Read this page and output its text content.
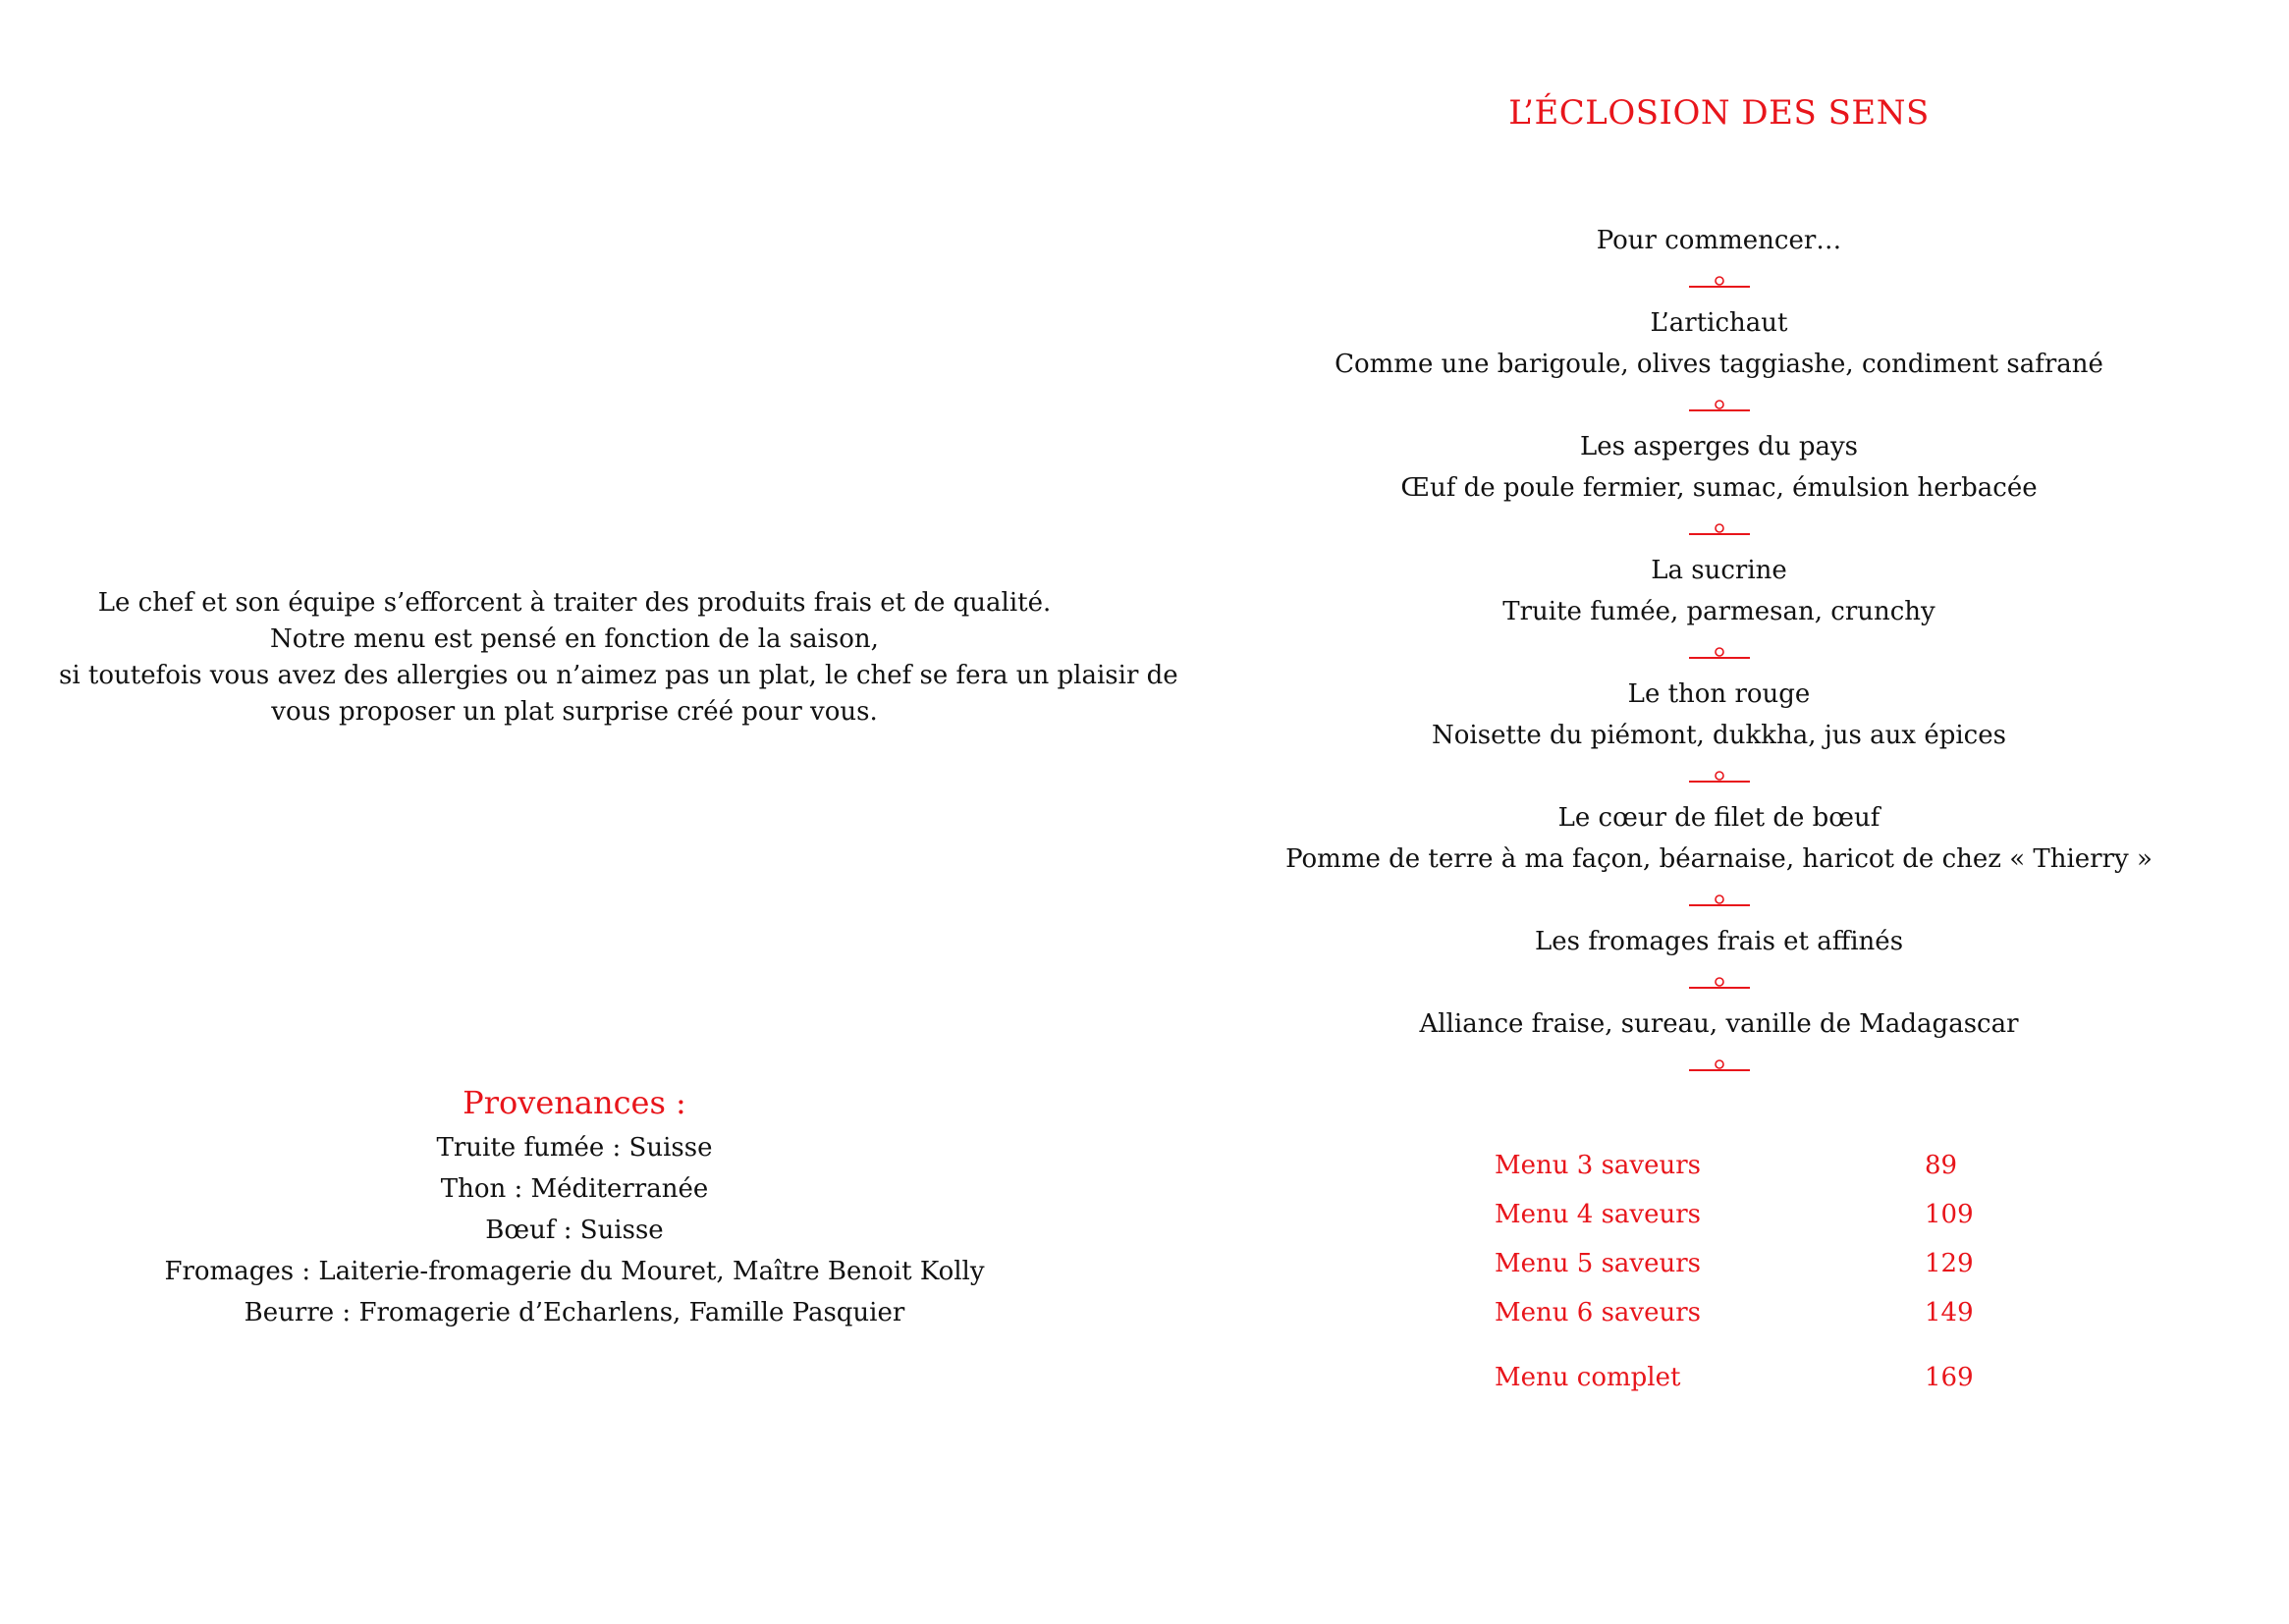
Le chef et son équipe s’efforcent à traiter des produits frais et de qualité.
Notre menu est pensé en fonction de la saison,
si toutefois vous avez des allergies ou n’aimez pas un plat, le chef se fera un plaisir de
vous proposer un plat surprise créé pour vous.
Provenances :
Truite fumée : Suisse
Thon : Méditerranée
Bœuf : Suisse
Fromages : Laiterie-fromagerie du Mouret, Maître Benoit Kolly
Beurre : Fromagerie d’Echarlens, Famille Pasquier
L’ÉCLOSION DES SENS
Pour commencer…
L’artichaut
Comme une barigoule, olives taggiashe, condiment safrané
Les asperges du pays
Œuf de poule fermier, sumac, émulsion herbacée
La sucrine
Truite fumée, parmesan, crunchy
Le thon rouge
Noisette du piémont, dukkha, jus aux épices
Le cœur de filet de bœuf
Pomme de terre à ma façon, béarnaise, haricot de chez « Thierry »
Les fromages frais et affinés
Alliance fraise, sureau, vanille de Madagascar
Menu 3 saveurs	89
Menu 4 saveurs	109
Menu 5 saveurs	129
Menu 6 saveurs	149
Menu complet	169
